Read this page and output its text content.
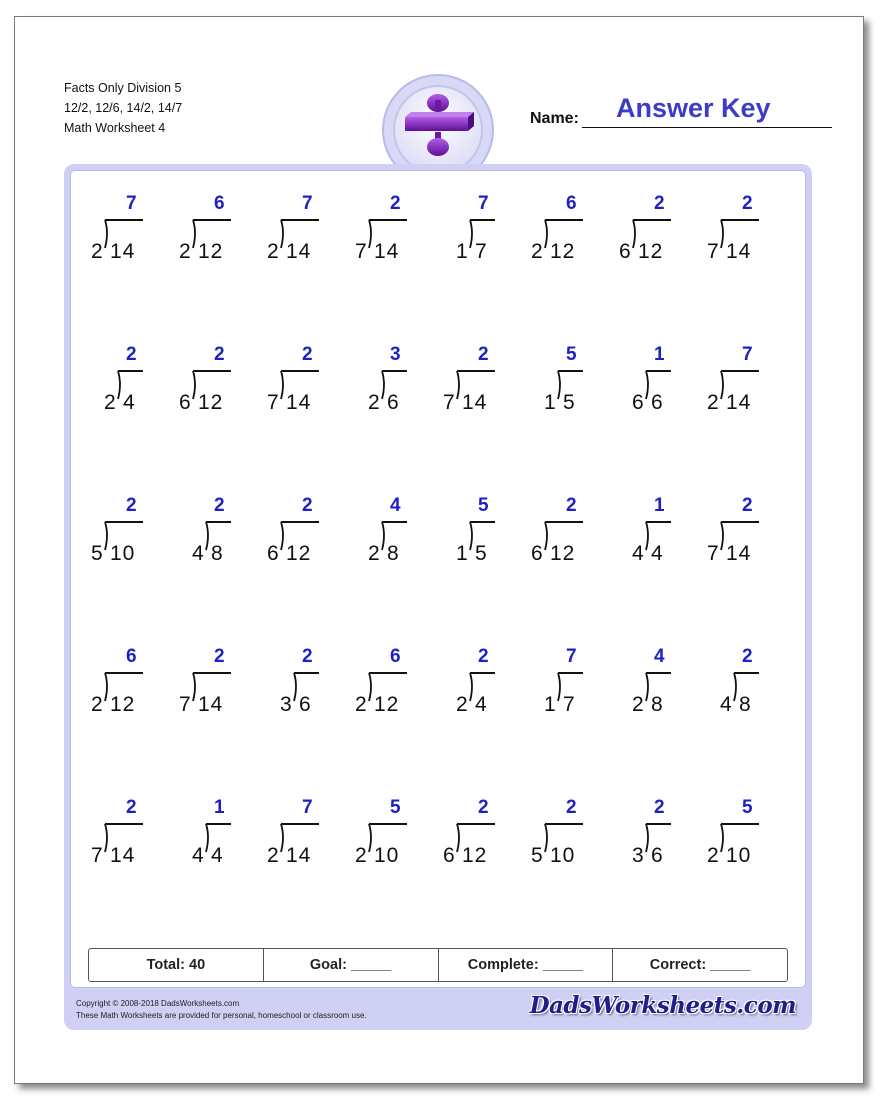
Facts Only Division 5
12/2, 12/6, 14/2, 14/7
Math Worksheet 4
Name: Answer Key
2 14
7
2 12
6
2 14
7
7 14
2
1 7
7
2 12
6
6 12
2
7 14
2
2 4
2
6 12
2
7 14
2
2 6
3
7 14
2
1 5
5
6 6
1
2 14
7
5 10
2
4 8
2
6 12
2
2 8
4
1 5
5
6 12
2
4 4
1
7 14
2
2 12
6
7 14
2
3 6
2
2 12
6
2 4
2
1 7
7
2 8
4
4 8
2
7 14
2
4 4
1
2 14
7
2 10
5
6 12
2
5 10
2
3 6
2
2 10
5
Total: 40	Goal: _____	Complete: _____	Correct: _____
Copyright © 2008-2018 DadsWorksheets.com
These Math Worksheets are provided for personal, homeschool or classroom use.	DadsWorksheets.com
